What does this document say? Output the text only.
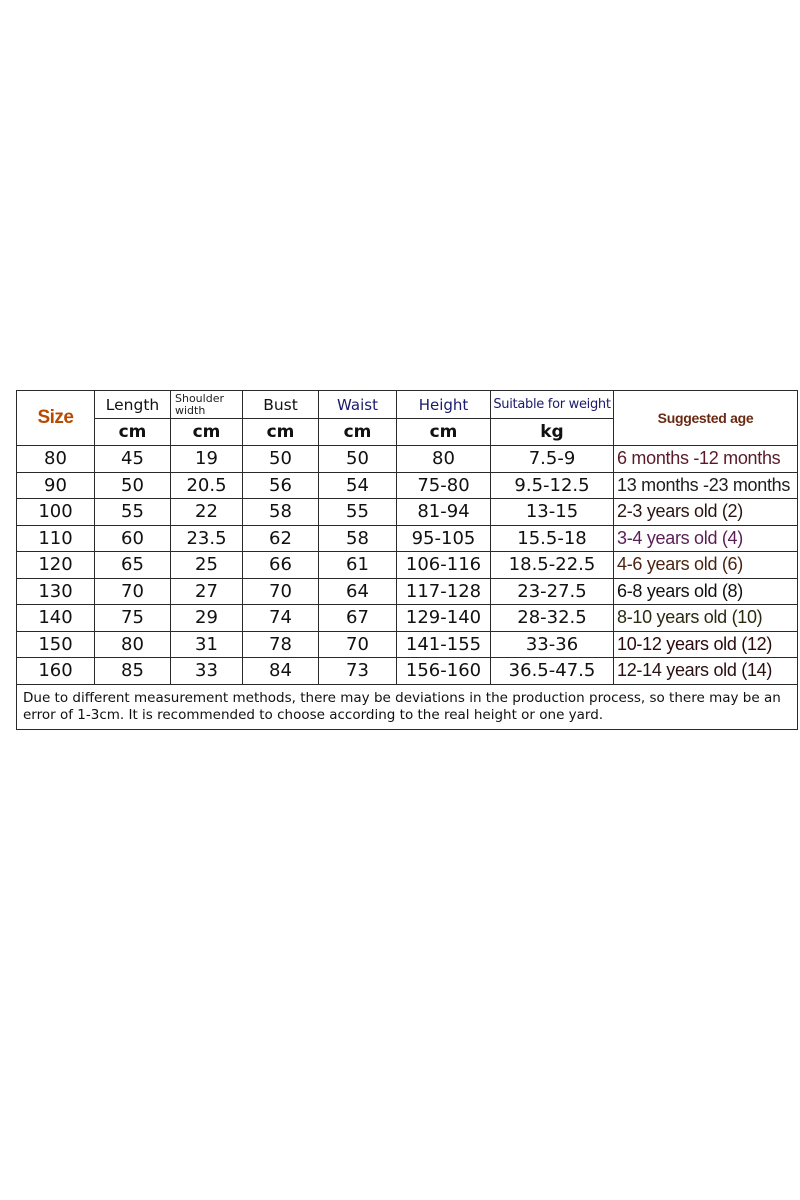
Size	Length	Shoulder width	Bust	Waist	Height	Suitable for weight	Suggested age
	cm	cm	cm	cm	cm	kg	
80	45	19	50	50	80	7.5-9	6 months -12 months
90	50	20.5	56	54	75-80	9.5-12.5	13 months -23 months
100	55	22	58	55	81-94	13-15	2-3 years old (2)
110	60	23.5	62	58	95-105	15.5-18	3-4 years old (4)
120	65	25	66	61	106-116	18.5-22.5	4-6 years old (6)
130	70	27	70	64	117-128	23-27.5	6-8 years old (8)
140	75	29	74	67	129-140	28-32.5	8-10 years old (10)
150	80	31	78	70	141-155	33-36	10-12 years old (12)
160	85	33	84	73	156-160	36.5-47.5	12-14 years old (14)
Due to different measurement methods, there may be deviations in the production process, so there may be an error of 1-3cm. It is recommended to choose according to the real height or one yard.							
